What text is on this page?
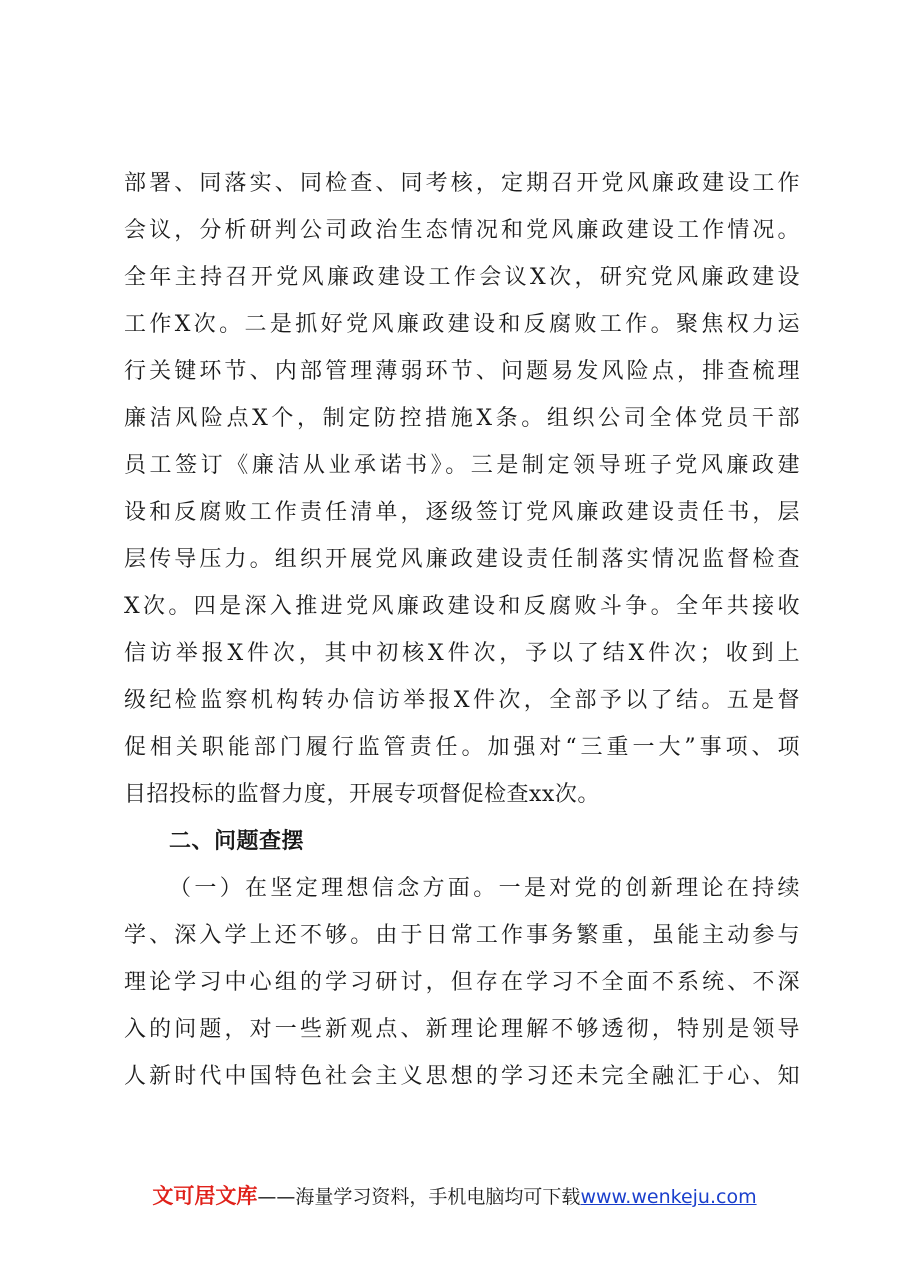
部署、同落实、同检查、同考核，定期召开党风廉政建设工作
会议，分析研判公司政治生态情况和党风廉政建设工作情况。
全年主持召开党风廉政建设工作会议X次，研究党风廉政建设
工作X次。二是抓好党风廉政建设和反腐败工作。聚焦权力运
行关键环节、内部管理薄弱环节、问题易发风险点，排查梳理
廉洁风险点X个，制定防控措施X条。组织公司全体党员干部
员工签订《廉洁从业承诺书》。三是制定领导班子党风廉政建
设和反腐败工作责任清单，逐级签订党风廉政建设责任书，层
层传导压力。组织开展党风廉政建设责任制落实情况监督检查
X次。四是深入推进党风廉政建设和反腐败斗争。全年共接收
信访举报X件次，其中初核X件次，予以了结X件次；收到上
级纪检监察机构转办信访举报X件次，全部予以了结。五是督
促相关职能部门履行监管责任。加强对“三重一大”事项、项
目招投标的监督力度，开展专项督促检查xx次。
二、问题查摆
（一）在坚定理想信念方面。一是对党的创新理论在持续
学、深入学上还不够。由于日常工作事务繁重，虽能主动参与
理论学习中心组的学习研讨，但存在学习不全面不系统、不深
入的问题，对一些新观点、新理论理解不够透彻，特别是领导
人新时代中国特色社会主义思想的学习还未完全融汇于心、知
文可居文库——海量学习资料，手机电脑均可下载www.wenkeju.com
